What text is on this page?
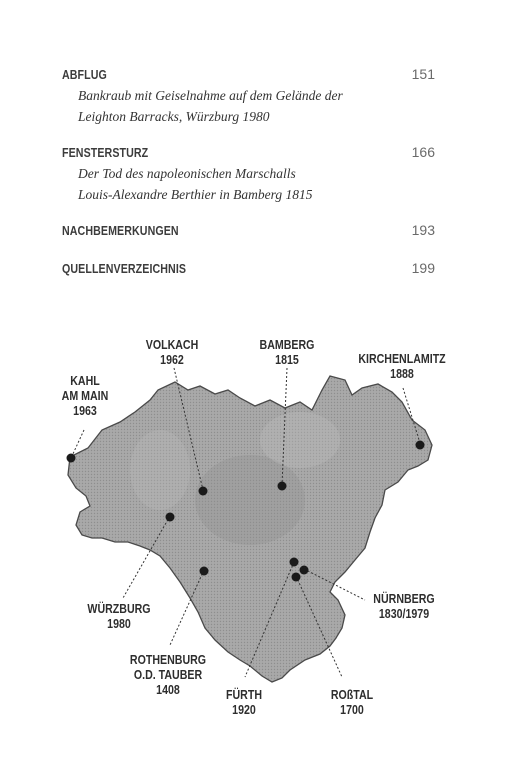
ABFLUG	151
Bankraub mit Geiselnahme auf dem Gelände der
Leighton Barracks, Würzburg 1980
FENSTERSTURZ	166
Der Tod des napoleonischen Marschalls
Louis-Alexandre Berthier in Bamberg 1815
NACHBEMERKUNGEN	193
QUELLENVERZEICHNIS	199
VOLKACH
1962
BAMBERG
1815	KIRCHENLAMITZ
1888
KAHL
AM MAIN
1963
WÜRZBURG
1980
ROTHENBURG
O.D. TAUBER
1408	FÜRTH
1920
ROßTAL
1700
NÜRNBERG
1830/1979
